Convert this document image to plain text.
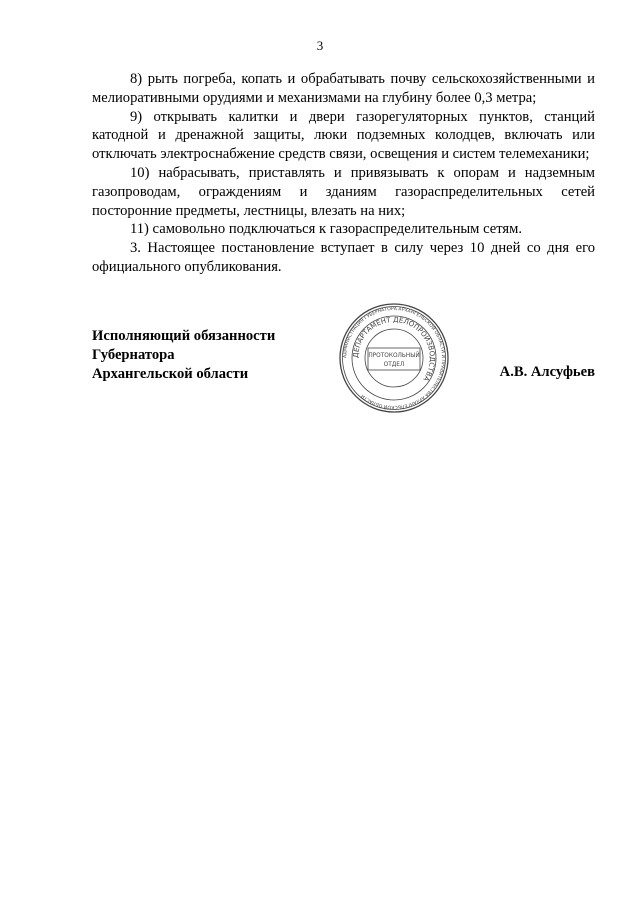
3

8) рыть погреба, копать и обрабатывать почву сельскохозяйственными и мелиоративными орудиями и механизмами на глубину более 0,3 метра;

9) открывать калитки и двери газорегуляторных пунктов, станций катодной и дренажной защиты, люки подземных колодцев, включать или отключать электроснабжение средств связи, освещения и систем телемеханики;

10) набрасывать, приставлять и привязывать к опорам и надземным газопроводам, ограждениям и зданиям газораспределительных сетей посторонние предметы, лестницы, влезать на них;

11) самовольно подключаться к газораспределительным сетям.

3. Настоящее постановление вступает в силу через 10 дней со дня его официального опубликования.

Исполняющий обязанности
Губернатора
Архангельской области	А.В. Алсуфьев
АДМИНИСТРАЦИЯ ГУБЕРНАТОРА АРХАНГЕЛЬСКОЙ ОБЛАСТИ И ПРАВИТЕЛЬСТВА АРХАНГЕЛЬСКОЙ ОБЛАСТИ
ДЕПАРТАМЕНТ ДЕЛОПРОИЗВОДСТВА
ПРОТОКОЛЬНЫЙ
ОТДЕЛ
